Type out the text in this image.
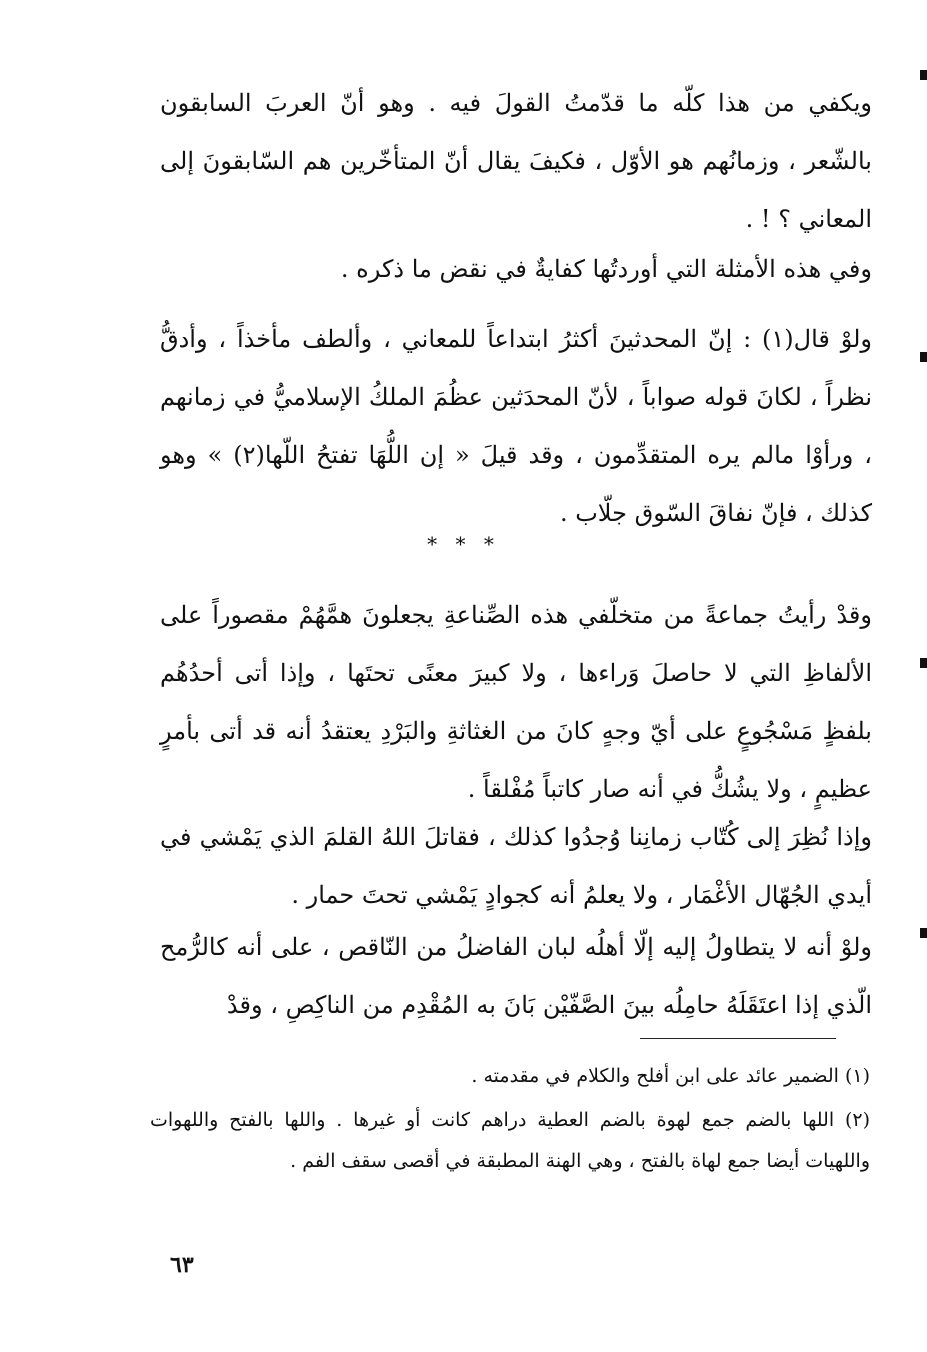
ويكفي من هذا كلّه ما قدّمتُ القولَ فيه . وهو أنّ العربَ السابقون بالشّعر ، وزمانُهم هو الأوّل ، فكيفَ يقال أنّ المتأخّرين هم السّابقونَ إلى المعاني ؟ ! .

وفي هذه الأمثلة التي أوردتُها كفايةٌ في نقض ما ذكره .

ولوْ قال(١) : إنّ المحدثينَ أكثرُ ابتداعاً للمعاني ، وألطف مأخذاً ، وأدقُّ نظراً ، لكانَ قوله صواباً ، لأنّ المحدَثين عظُمَ الملكُ الإسلاميُّ في زمانهم ، ورأوْا مالم يره المتقدِّمون ، وقد قيلَ « إن اللُّهَا تفتحُ اللّها(٢) » وهو كذلك ، فإنّ نفاقَ السّوق جلّاب .

* * *

وقدْ رأيتُ جماعةً من متخلّفي هذه الصِّناعةِ يجعلونَ همَّهُمْ مقصوراً على الألفاظِ التي لا حاصلَ وَراءها ، ولا كبيرَ معنًى تحتَها ، وإذا أتى أحدُهُم بلفظٍ مَسْجُوعٍ على أيّ وجهٍ كانَ من الغثاثةِ والبَرْدِ يعتقدُ أنه قد أتى بأمرٍ عظيمٍ ، ولا يشُكُّ في أنه صار كاتباً مُفْلقاً .

وإذا نُظِرَ إلى كُتّاب زمانِنا وُجدُوا كذلك ، فقاتلَ اللهُ القلمَ الذي يَمْشي في أيدي الجُهّال الأغْمَار ، ولا يعلمُ أنه كجوادٍ يَمْشي تحتَ حمار .

ولوْ أنه لا يتطاولُ إليه إلّا أهلُه لبان الفاضلُ من النّاقص ، على أنه كالرُّمح الّذي إذا اعتَقَلَهُ حامِلُه بينَ الصَّفّيْن بَانَ به المُقْدِم من الناكِصِ ، وقدْ

(١) الضمير عائد على ابن أفلح والكلام في مقدمته .

(٢) اللها بالضم جمع لهوة بالضم العطية دراهم كانت أو غيرها . واللها بالفتح واللهوات واللهيات أيضا جمع لهاة بالفتح ، وهي الهنة المطبقة في أقصى سقف الفم .

٦٣
